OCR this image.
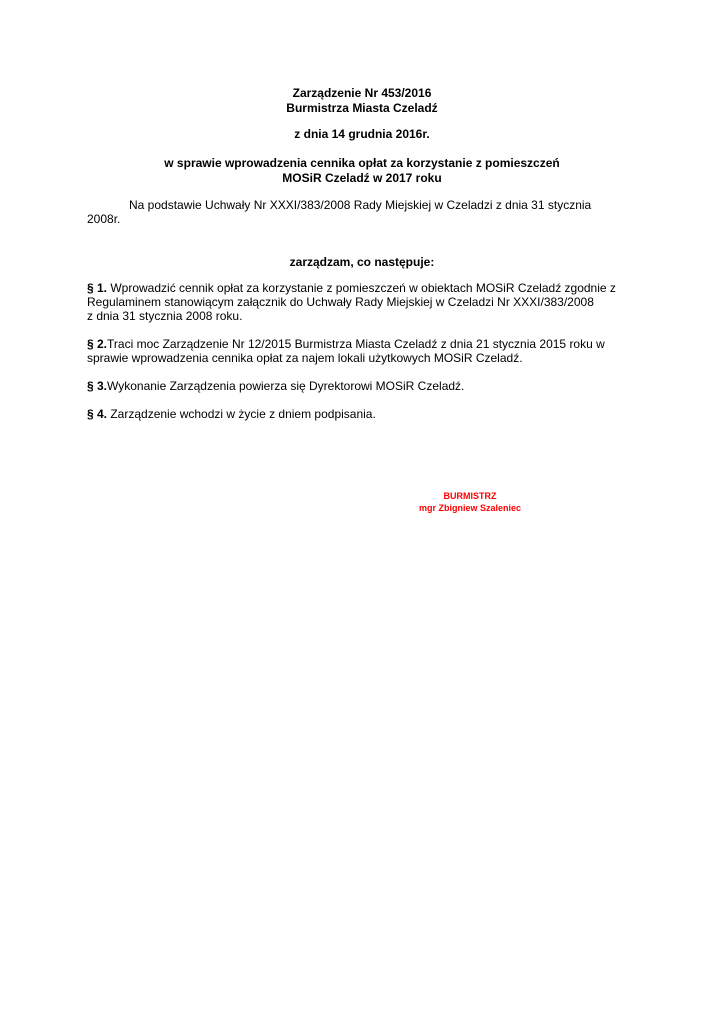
Zarządzenie Nr 453/2016

Burmistrza Miasta Czeladź

z dnia 14 grudnia 2016r.

w sprawie wprowadzenia cennika opłat za korzystanie z pomieszczeń

MOSiR Czeladź w 2017 roku

Na podstawie Uchwały Nr XXXI/383/2008 Rady Miejskiej w Czeladzi z dnia 31 stycznia
2008r.

zarządzam, co następuje:

§ 1. Wprowadzić cennik opłat za korzystanie z pomieszczeń w obiektach MOSiR Czeladź zgodnie z
Regulaminem stanowiącym załącznik do Uchwały Rady Miejskiej w Czeladzi Nr XXXI/383/2008
z dnia 31 stycznia 2008 roku.
§ 2.Traci moc Zarządzenie Nr 12/2015 Burmistrza Miasta Czeladź z dnia 21 stycznia 2015 roku w
sprawie wprowadzenia cennika opłat za najem lokali użytkowych MOSiR Czeladź.
§ 3.Wykonanie Zarządzenia powierza się Dyrektorowi MOSiR Czeladź.
§ 4. Zarządzenie wchodzi w życie z dniem podpisania.
BURMISTRZ
mgr Zbigniew Szaleniec
